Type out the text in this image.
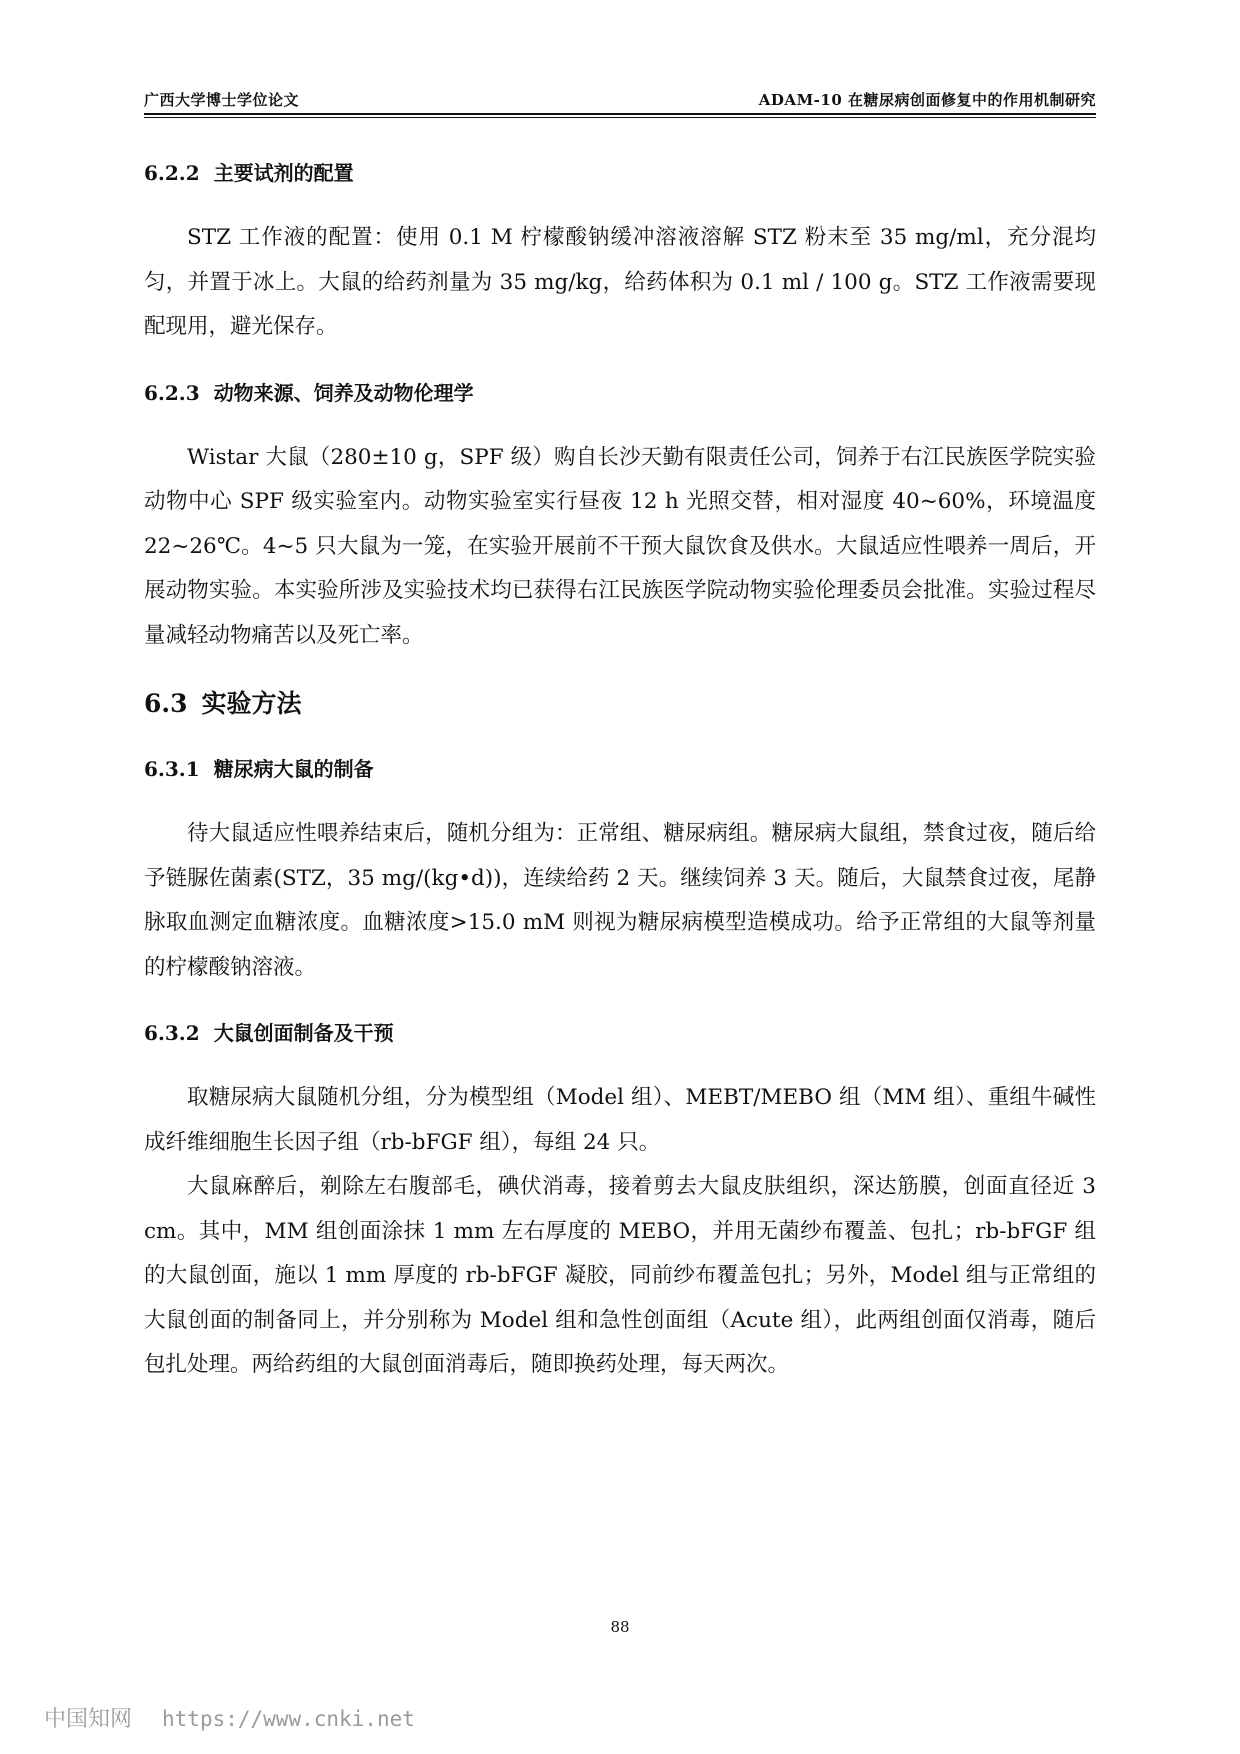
广西大学博士学位论文	ADAM-10 在糖尿病创面修复中的作用机制研究
6.2.2 主要试剂的配置

STZ 工作液的配置：使用 0.1 M 柠檬酸钠缓冲溶液溶解 STZ 粉末至 35 mg/ml，充分混均匀，并置于冰上。大鼠的给药剂量为 35 mg/kg，给药体积为 0.1 ml / 100 g。STZ 工作液需要现配现用，避光保存。

6.2.3 动物来源、饲养及动物伦理学

Wistar 大鼠（280±10 g，SPF 级）购自长沙天勤有限责任公司，饲养于右江民族医学院实验动物中心 SPF 级实验室内。动物实验室实行昼夜 12 h 光照交替，相对湿度 40~60%，环境温度 22~26℃。4~5 只大鼠为一笼，在实验开展前不干预大鼠饮食及供水。大鼠适应性喂养一周后，开展动物实验。本实验所涉及实验技术均已获得右江民族医学院动物实验伦理委员会批准。实验过程尽量减轻动物痛苦以及死亡率。

6.3 实验方法
6.3.1 糖尿病大鼠的制备

待大鼠适应性喂养结束后，随机分组为：正常组、糖尿病组。糖尿病大鼠组，禁食过夜，随后给予链脲佐菌素(STZ，35 mg/(kg•d))，连续给药 2 天。继续饲养 3 天。随后，大鼠禁食过夜，尾静脉取血测定血糖浓度。血糖浓度>15.0 mM 则视为糖尿病模型造模成功。给予正常组的大鼠等剂量的柠檬酸钠溶液。

6.3.2 大鼠创面制备及干预

取糖尿病大鼠随机分组，分为模型组（Model 组）、MEBT/MEBO 组（MM 组）、重组牛碱性成纤维细胞生长因子组（rb-bFGF 组），每组 24 只。

大鼠麻醉后，剃除左右腹部毛，碘伏消毒，接着剪去大鼠皮肤组织，深达筋膜，创面直径近 3 cm。其中，MM 组创面涂抹 1 mm 左右厚度的 MEBO，并用无菌纱布覆盖、包扎；rb-bFGF 组的大鼠创面，施以 1 mm 厚度的 rb-bFGF 凝胶，同前纱布覆盖包扎；另外，Model 组与正常组的大鼠创面的制备同上，并分别称为 Model 组和急性创面组（Acute 组），此两组创面仅消毒，随后包扎处理。两给药组的大鼠创面消毒后，随即换药处理，每天两次。

88
中国知网 https://www.cnki.net
